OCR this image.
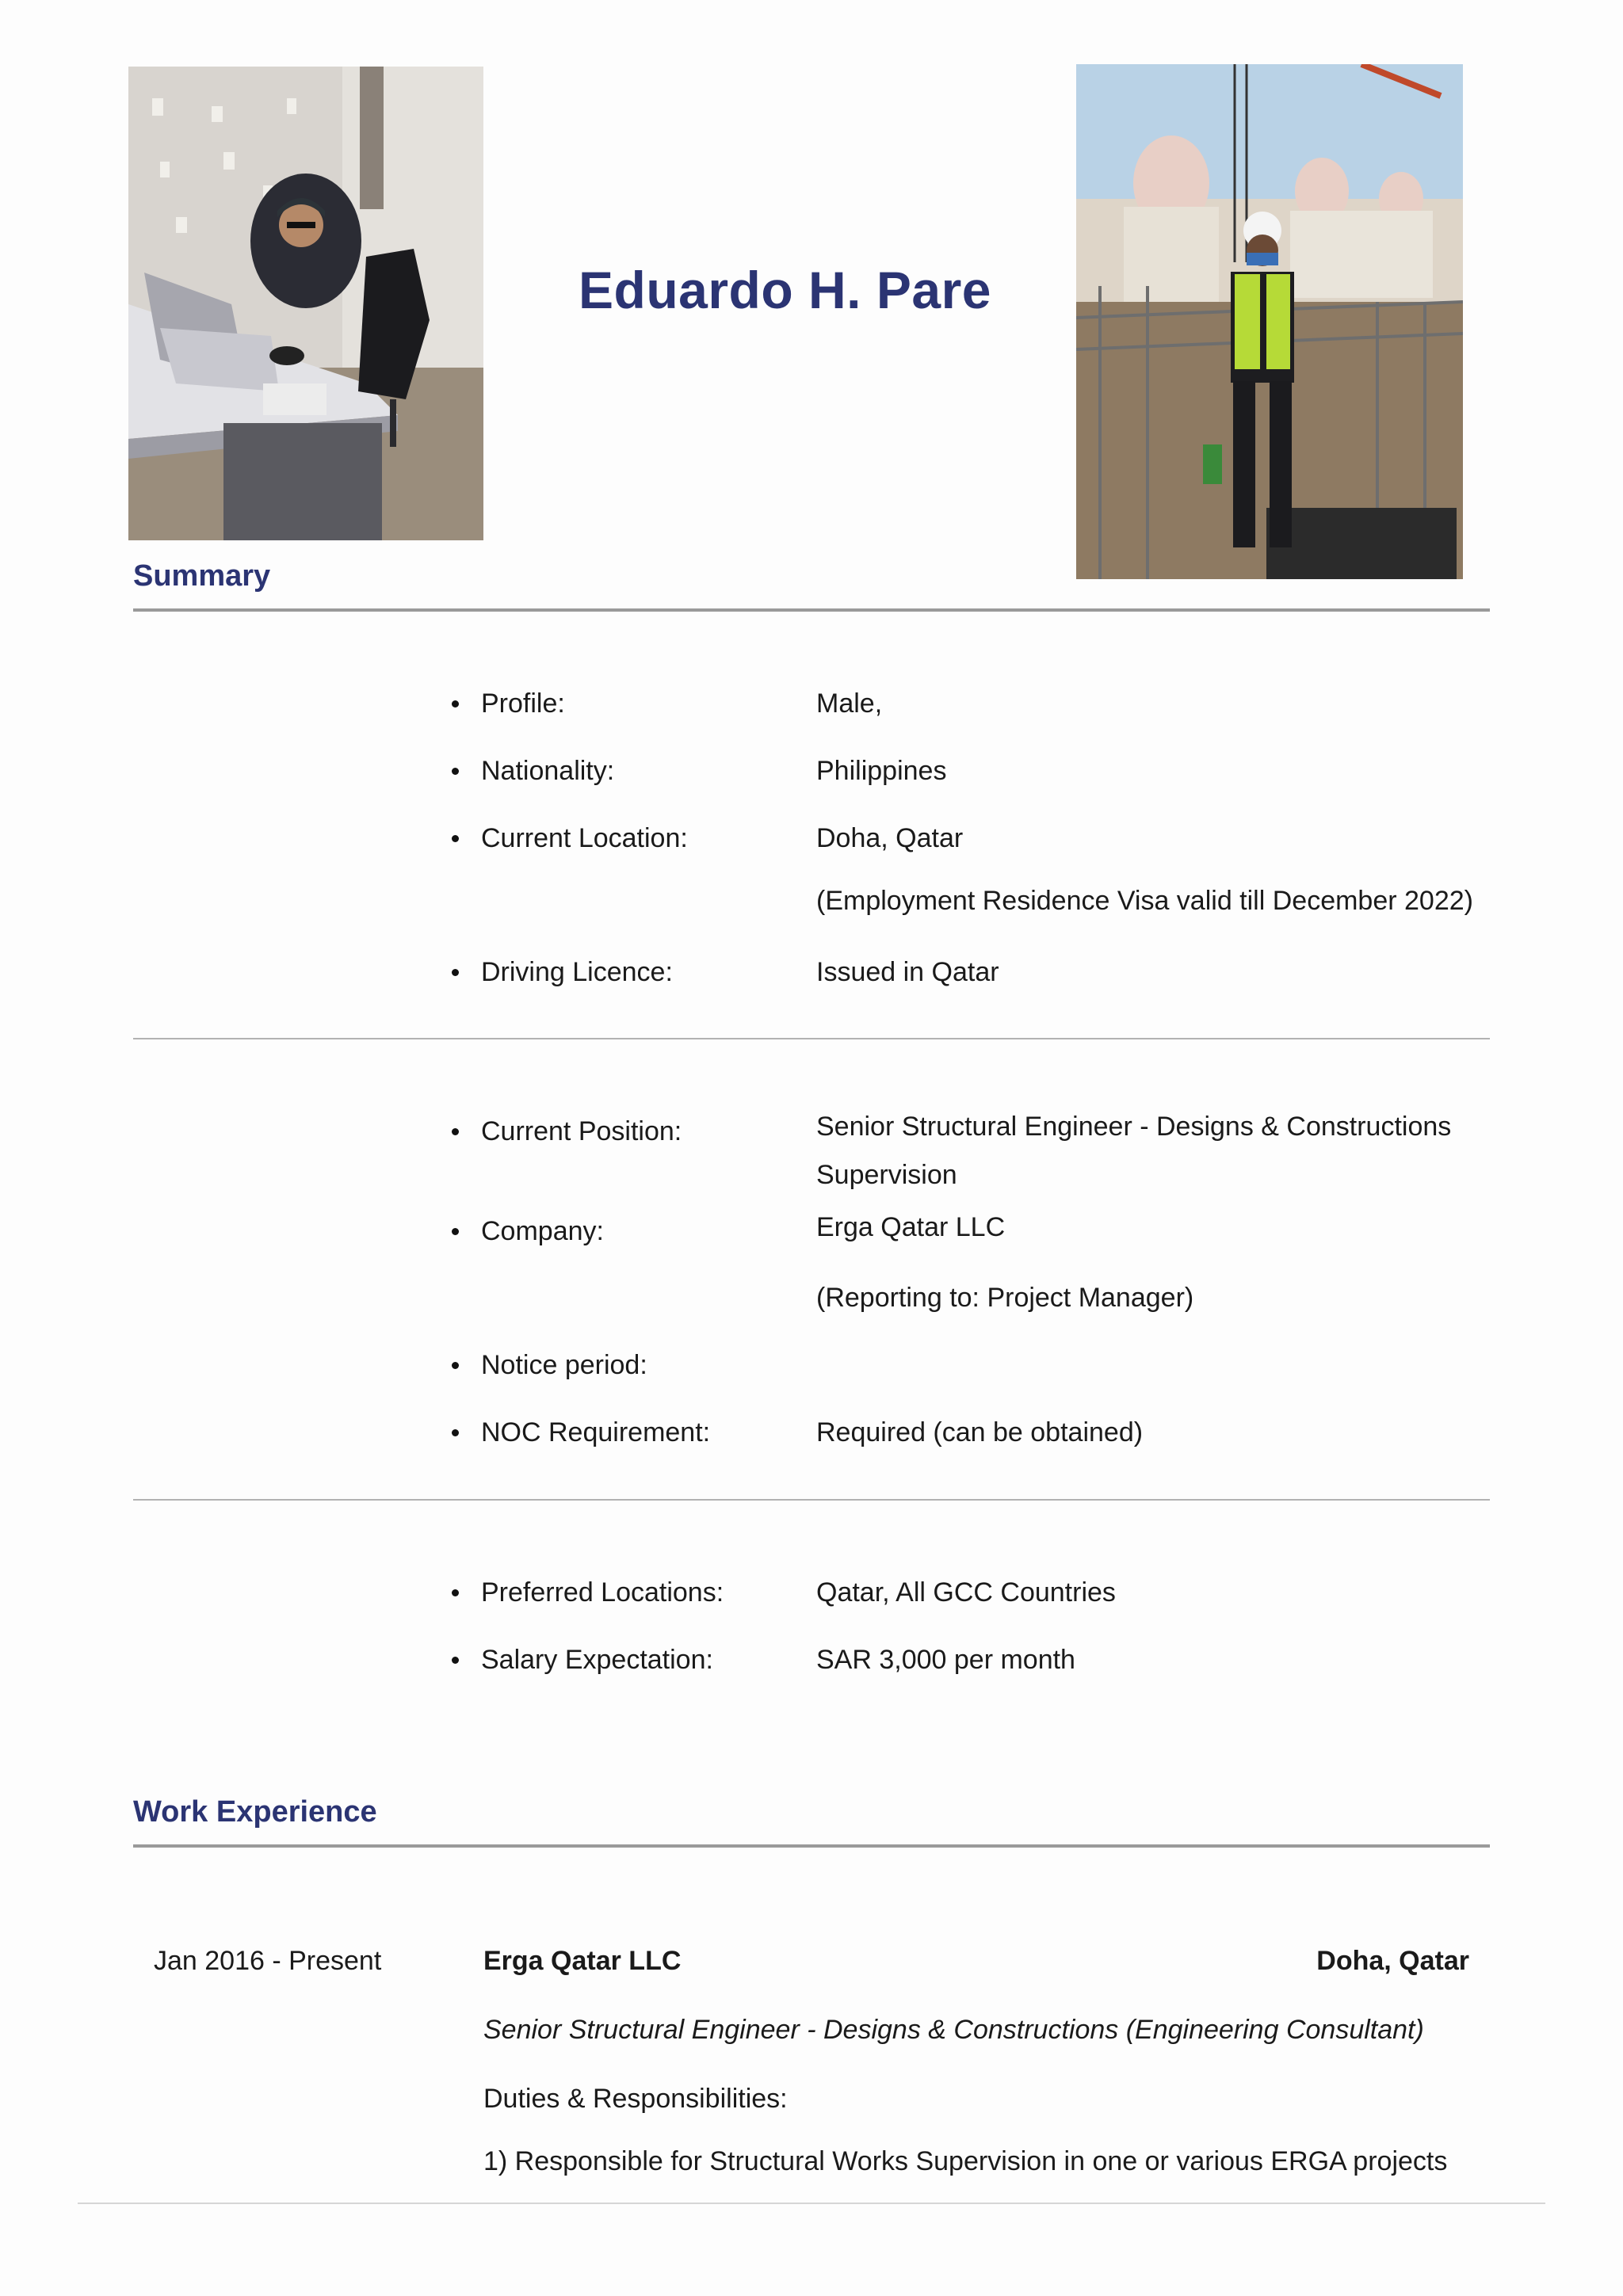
Eduardo H. Pare
Summary
Profile:	Male,
Nationality:	Philippines
Current Location:	Doha, Qatar
(Employment Residence Visa valid till December 2022)
Driving Licence:	Issued in Qatar
Current Position:	Senior Structural Engineer - Designs & Constructions
Supervision
Company:	Erga Qatar LLC
(Reporting to: Project Manager)
Notice period:
NOC Requirement:	Required (can be obtained)
Preferred Locations:	Qatar, All GCC Countries
Salary Expectation:	SAR 3,000 per month
Work Experience
Jan 2016 - Present	Erga Qatar LLC	Doha, Qatar
Senior Structural Engineer - Designs & Constructions (Engineering Consultant)
Duties & Responsibilities:
1) Responsible for Structural Works Supervision in one or various ERGA projects
